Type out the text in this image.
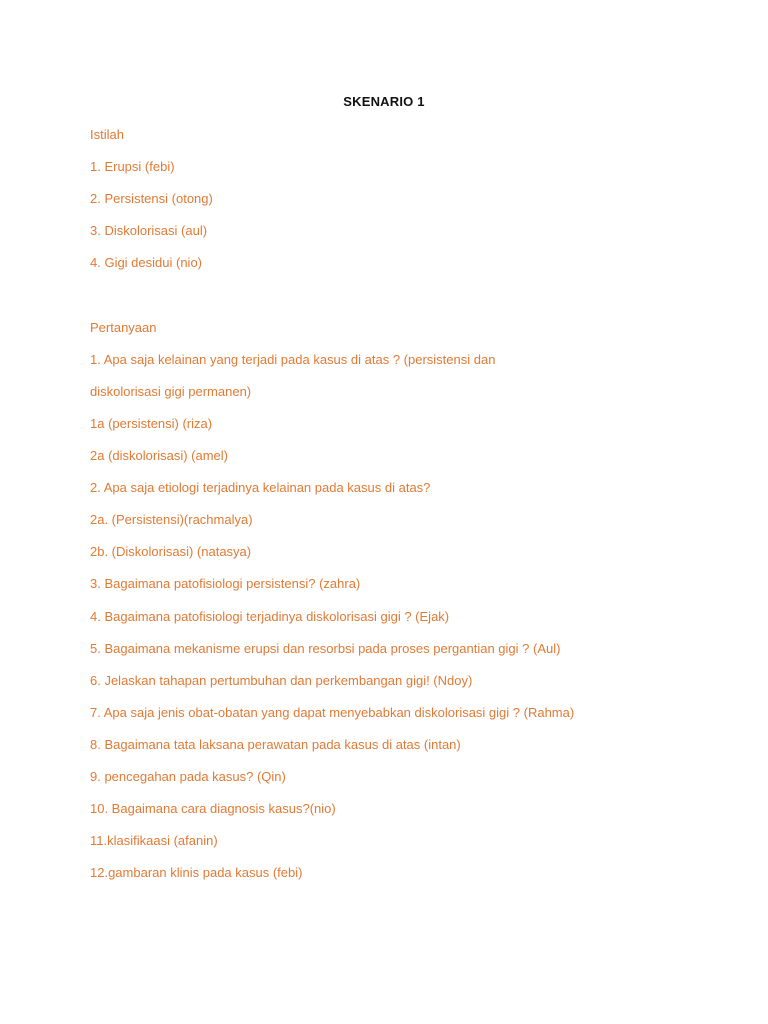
SKENARIO 1
Istilah
1. Erupsi (febi)
2. Persistensi (otong)
3. Diskolorisasi (aul)
4. Gigi desidui (nio)
Pertanyaan
1. Apa saja kelainan yang terjadi pada kasus di atas ? (persistensi dan
diskolorisasi gigi permanen)
1a (persistensi) (riza)
2a (diskolorisasi) (amel)
2. Apa saja etiologi terjadinya kelainan pada kasus di atas?
2a. (Persistensi)(rachmalya)
2b. (Diskolorisasi) (natasya)
3. Bagaimana patofisiologi persistensi? (zahra)
4. Bagaimana patofisiologi terjadinya diskolorisasi gigi ? (Ejak)
5. Bagaimana mekanisme erupsi dan resorbsi pada proses pergantian gigi ? (Aul)
6. Jelaskan tahapan pertumbuhan dan perkembangan gigi! (Ndoy)
7. Apa saja jenis obat-obatan yang dapat menyebabkan diskolorisasi gigi ? (Rahma)
8. Bagaimana tata laksana perawatan pada kasus di atas (intan)
9. pencegahan pada kasus? (Qin)
10. Bagaimana cara diagnosis kasus?(nio)
11.klasifikaasi (afanin)
12.gambaran klinis pada kasus (febi)
